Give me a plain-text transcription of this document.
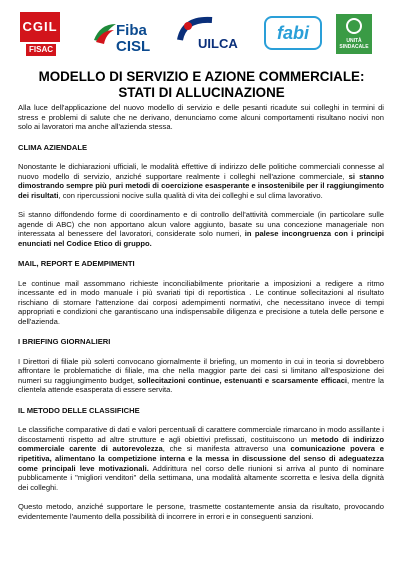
CGIL
FISAC
Fiba
CISL	UILCA
fabi	UNITÀ SINDACALE
MODELLO DI SERVIZIO E AZIONE COMMERCIALE:
STATI DI ALLUCINAZIONE

Alla luce dell'applicazione del nuovo modello di servizio e delle pesanti ricadute sui colleghi in termini di stress e problemi di salute che ne derivano, denunciamo come alcuni comportamenti risultano nocivi non solo ai lavoratori ma anche all'azienda stessa.

CLIMA AZIENDALE

Nonostante le dichiarazioni ufficiali, le modalità effettive di indirizzo delle politiche commerciali connesse al nuovo modello di servizio, anziché supportare realmente i colleghi nell'azione commerciale, si stanno dimostrando sempre più puri metodi di coercizione esasperante e insostenibile per il raggiungimento dei risultati, con ripercussioni nocive sulla qualità di vita dei colleghi e sul clima lavorativo.

Si stanno diffondendo forme di coordinamento e di controllo dell'attività commerciale (in particolare sulle agende di ABC) che non apportano alcun valore aggiunto, basate su una concezione manageriale non interessata al benessere del lavoratori, considerate solo numeri, in palese incongruenza con i principi enunciati nel Codice Etico di gruppo.

MAIL, REPORT E ADEMPIMENTI

Le continue mail assommano richieste inconciliabilmente prioritarie a imposizioni a redigere a ritmo incessante ed in modo manuale i più svariati tipi di reportistica . Le continue sollecitazioni al risultato rischiano di stornare l'attenzione dai corposi adempimenti normativi, che necessitano invece di tempi appropriati e condizioni che garantiscano una indispensabile diligenza e precisione a tutela delle persone e dell'azienda.

I BRIEFING GIORNALIERI

I Direttori di filiale più solerti convocano giornalmente il briefing, un momento in cui in teoria si dovrebbero affrontare le problematiche di filiale, ma che nella maggior parte dei casi si limitano all'esposizione dei numeri su raggiungimento budget, sollecitazioni continue, estenuanti e scarsamente efficaci, mentre la clientela attende esasperata di essere servita.

IL METODO DELLE CLASSIFICHE

Le classifiche comparative di dati e valori percentuali di carattere commerciale rimarcano in modo assillante i discostamenti rispetto ad altre strutture e agli obiettivi prefissati, costituiscono un metodo di indirizzo commerciale carente di autorevolezza, che si manifesta attraverso una comunicazione povera e ripetitiva, alimentano la competizione interna e la messa in discussione del senso di adeguatezza come principali leve motivazionali. Addirittura nel corso delle riunioni si arriva al punto di nominare pubblicamente i "migliori venditori" della settimana, una modalità altamente scorretta e lesiva della dignità dei colleghi.

Questo metodo, anziché supportare le persone, trasmette costantemente ansia da risultato, provocando evidentemente l'aumento della possibilità di incorrere in errori e in conseguenti sanzioni.
